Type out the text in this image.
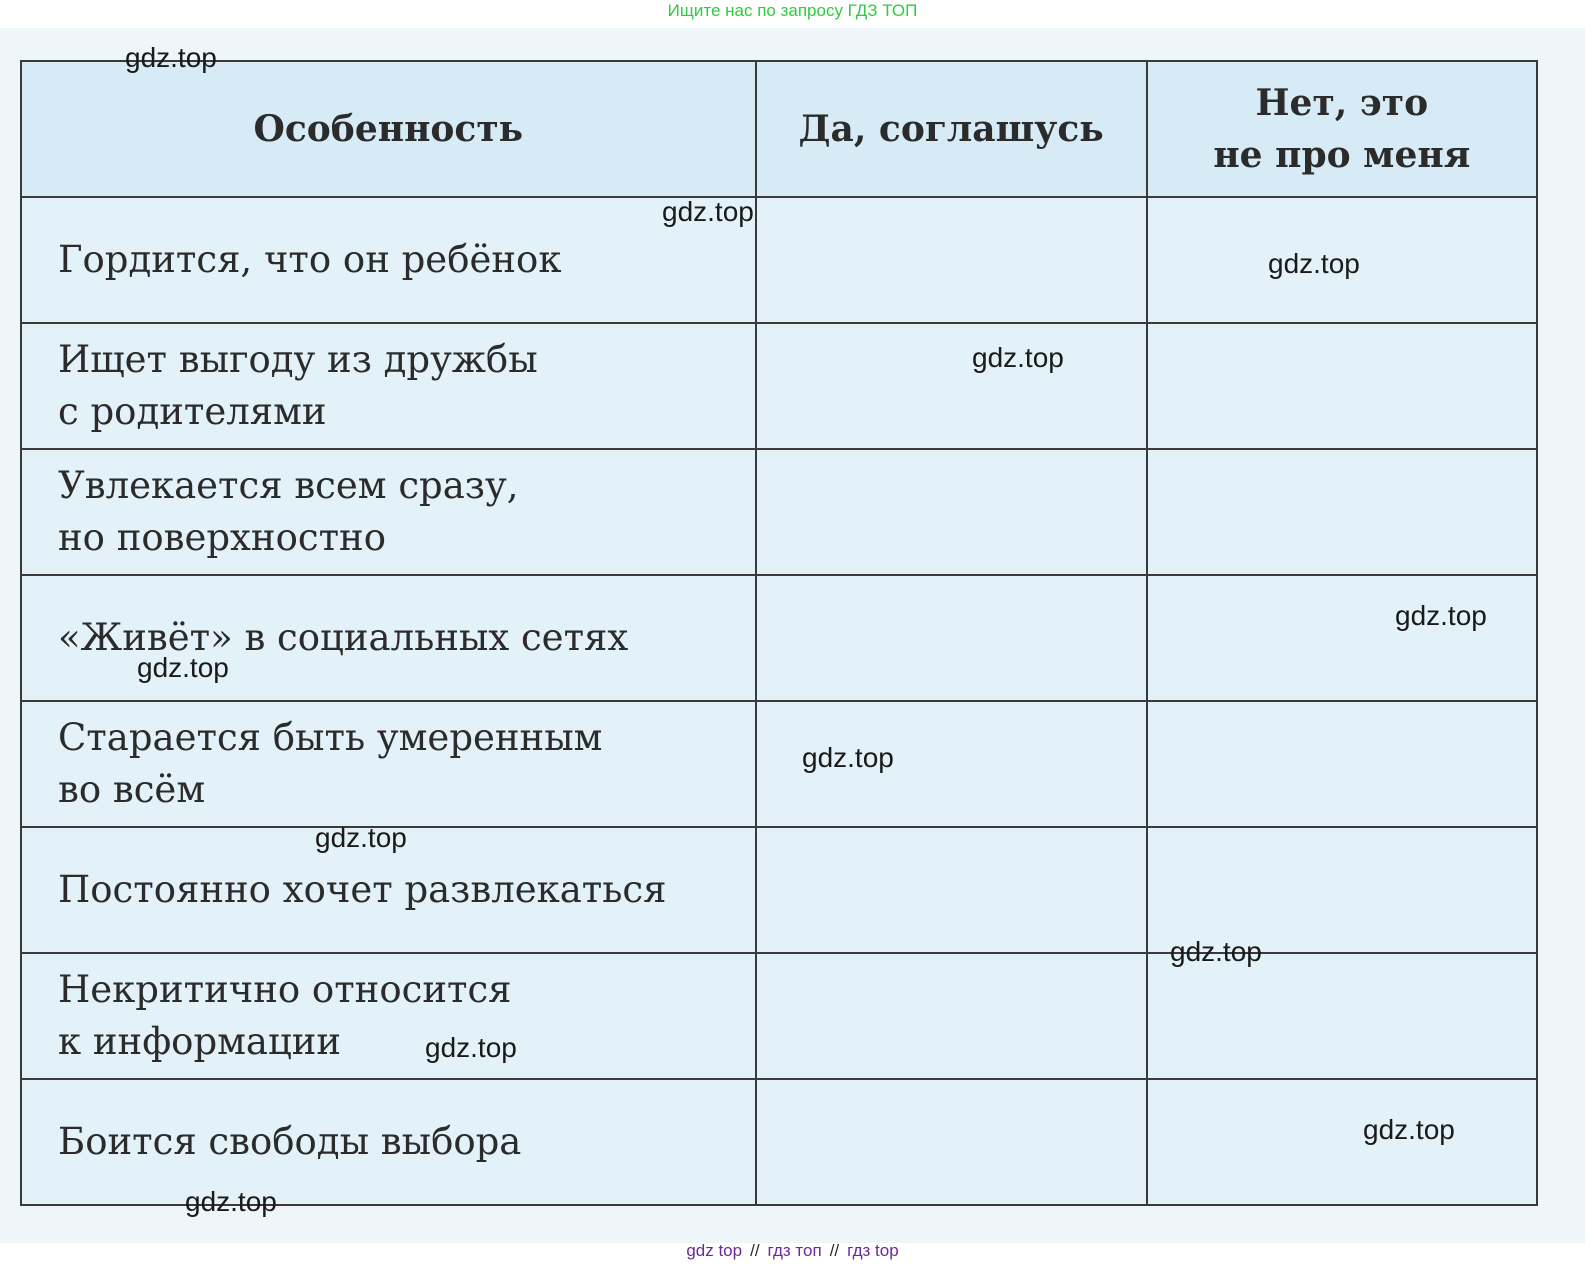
Ищите нас по запросу ГДЗ ТОП
Особенность	Да, соглашусь	Нет, это
не про меня

Гордится, что он ребёнок		

Ищет выгоду из дружбы
с родителями		

Увлекается всем сразу,
но поверхностно		

«Живёт» в социальных сетях		

Старается быть умеренным
во всём		

Постоянно хочет развлекаться		

Некритично относится
к информации		

Боится свободы выбора		

gdz.top
gdz.top
gdz.top
gdz.top
gdz.top
gdz.top
gdz.top
gdz.top
gdz.top
gdz.top
gdz.top
gdz.top
gdz top // гдз топ // гдз top
